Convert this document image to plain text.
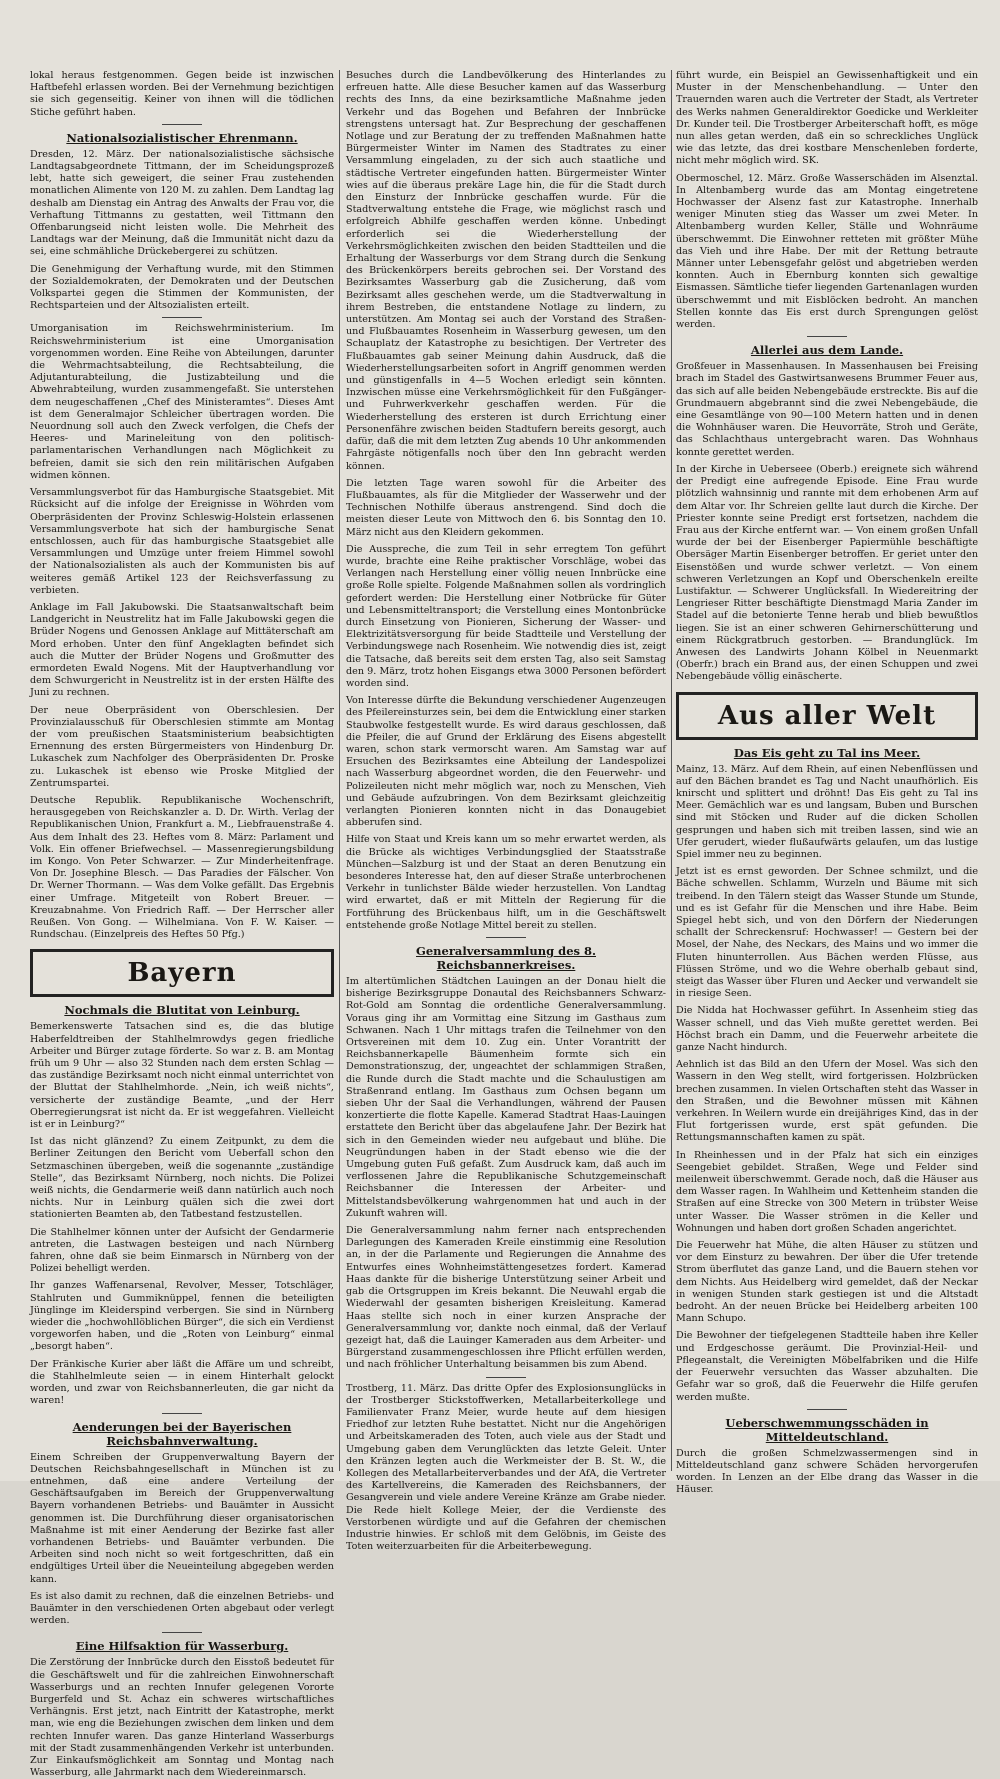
lokal heraus festgenommen. Gegen beide ist inzwischen Haftbefehl erlassen worden. Bei der Vernehmung bezichtigen sie sich gegenseitig. Keiner von ihnen will die tödlichen Stiche geführt haben.

Nationalsozialistischer Ehrenmann.

Dresden, 12. März. Der nationalsozialistische sächsische Landtagsabgeordnete Tittmann, der im Scheidungsprozeß lebt, hatte sich geweigert, die seiner Frau zustehenden monatlichen Alimente von 120 M. zu zahlen. Dem Landtag lag deshalb am Dienstag ein Antrag des Anwalts der Frau vor, die Verhaftung Tittmanns zu gestatten, weil Tittmann den Offenbarungseid nicht leisten wolle. Die Mehrheit des Landtags war der Meinung, daß die Immunität nicht dazu da sei, eine schmähliche Drückebergerei zu schützen.

Die Genehmigung der Verhaftung wurde, mit den Stimmen der Sozialdemokraten, der Demokraten und der Deutschen Volkspartei gegen die Stimmen der Kommunisten, der Rechtsparteien und der Altsozialisten erteilt.

Umorganisation im Reichswehrministerium. Im Reichswehrministerium ist eine Umorganisation vorgenommen worden. Eine Reihe von Abteilungen, darunter die Wehrmachtsabteilung, die Rechtsabteilung, die Adjutanturabteilung, die Justizabteilung und die Abwehrabteilung, wurden zusammengefaßt. Sie unterstehen dem neugeschaffenen „Chef des Ministeramtes“. Dieses Amt ist dem Generalmajor Schleicher übertragen worden. Die Neuordnung soll auch den Zweck verfolgen, die Chefs der Heeres- und Marineleitung von den politisch-parlamentarischen Verhandlungen nach Möglichkeit zu befreien, damit sie sich den rein militärischen Aufgaben widmen können.

Versammlungsverbot für das Hamburgische Staatsgebiet. Mit Rücksicht auf die infolge der Ereignisse in Wöhrden vom Oberpräsidenten der Provinz Schleswig-Holstein erlassenen Versammlungsverbote hat sich der hamburgische Senat entschlossen, auch für das hamburgische Staatsgebiet alle Versammlungen und Umzüge unter freiem Himmel sowohl der Nationalsozialisten als auch der Kommunisten bis auf weiteres gemäß Artikel 123 der Reichsverfassung zu verbieten.

Anklage im Fall Jakubowski. Die Staatsanwaltschaft beim Landgericht in Neustrelitz hat im Falle Jakubowski gegen die Brüder Nogens und Genossen Anklage auf Mittäterschaft am Mord erhoben. Unter den fünf Angeklagten befindet sich auch die Mutter der Brüder Nogens und Großmutter des ermordeten Ewald Nogens. Mit der Hauptverhandlung vor dem Schwurgericht in Neustrelitz ist in der ersten Hälfte des Juni zu rechnen.

Der neue Oberpräsident von Oberschlesien. Der Provinzialausschuß für Oberschlesien stimmte am Montag der vom preußischen Staatsministerium beabsichtigten Ernennung des ersten Bürgermeisters von Hindenburg Dr. Lukaschek zum Nachfolger des Oberpräsidenten Dr. Proske zu. Lukaschek ist ebenso wie Proske Mitglied der Zentrumspartei.

Deutsche Republik. Republikanische Wochenschrift, herausgegeben von Reichskanzler a. D. Dr. Wirth. Verlag der Republikanischen Union, Frankfurt a. M., Liebfrauenstraße 4. Aus dem Inhalt des 23. Heftes vom 8. März: Parlament und Volk. Ein offener Briefwechsel. — Massenregierungsbildung im Kongo. Von Peter Schwarzer. — Zur Minderheitenfrage. Von Dr. Josephine Blesch. — Das Paradies der Fälscher. Von Dr. Werner Thormann. — Was dem Volke gefällt. Das Ergebnis einer Umfrage. Mitgeteilt von Robert Breuer. — Kreuzabnahme. Von Friedrich Raff. — Der Herrscher aller Reußen. Von Gong. — Wilhelmiana. Von F. W. Kaiser. — Rundschau. (Einzelpreis des Heftes 50 Pfg.)

Bayern
Nochmals die Blutitat von Leinburg.

Bemerkenswerte Tatsachen sind es, die das blutige Haberfeldtreiben der Stahlhelmrowdys gegen friedliche Arbeiter und Bürger zutage förderte. So war z. B. am Montag früh um 9 Uhr — also 32 Stunden nach dem ersten Schlag — das zuständige Bezirksamt noch nicht einmal unterrichtet von der Bluttat der Stahlhelmhorde. „Nein, ich weiß nichts“, versicherte der zuständige Beamte, „und der Herr Oberregierungsrat ist nicht da. Er ist weggefahren. Vielleicht ist er in Leinburg?“

Ist das nicht glänzend? Zu einem Zeitpunkt, zu dem die Berliner Zeitungen den Bericht vom Ueberfall schon den Setzmaschinen übergeben, weiß die sogenannte „zuständige Stelle“, das Bezirksamt Nürnberg, noch nichts. Die Polizei weiß nichts, die Gendarmerie weiß dann natürlich auch noch nichts. Nur in Leinburg quälen sich die zwei dort stationierten Beamten ab, den Tatbestand festzustellen.

Die Stahlhelmer können unter der Aufsicht der Gendarmerie antreten, die Lastwagen besteigen und nach Nürnberg fahren, ohne daß sie beim Einmarsch in Nürnberg von der Polizei behelligt werden.

Ihr ganzes Waffenarsenal, Revolver, Messer, Totschläger, Stahlruten und Gummiknüppel, fennen die beteiligten Jünglinge im Kleiderspind verbergen. Sie sind in Nürnberg wieder die „hochwohllöblichen Bürger“, die sich ein Verdienst vorgeworfen haben, und die „Roten von Leinburg“ einmal „besorgt haben“.

Der Fränkische Kurier aber läßt die Affäre um und schreibt, die Stahlhelmleute seien — in einem Hinterhalt gelockt worden, und zwar von Reichsbannerleuten, die gar nicht da waren!

Aenderungen bei der Bayerischen Reichsbahnverwaltung.

Einem Schreiben der Gruppenverwaltung Bayern der Deutschen Reichsbahngesellschaft in München ist zu entnehmen, daß eine andere Verteilung der Geschäftsaufgaben im Bereich der Gruppenverwaltung Bayern vorhandenen Betriebs- und Bauämter in Aussicht genommen ist. Die Durchführung dieser organisatorischen Maßnahme ist mit einer Aenderung der Bezirke fast aller vorhandenen Betriebs- und Bauämter verbunden. Die Arbeiten sind noch nicht so weit fortgeschritten, daß ein endgültiges Urteil über die Neueinteilung abgegeben werden kann.

Es ist also damit zu rechnen, daß die einzelnen Betriebs- und Bauämter in den verschiedenen Orten abgebaut oder verlegt werden.

Eine Hilfsaktion für Wasserburg.

Die Zerstörung der Innbrücke durch den Eisstoß bedeutet für die Geschäftswelt und für die zahlreichen Einwohnerschaft Wasserburgs und an rechten Innufer gelegenen Vororte Burgerfeld und St. Achaz ein schweres wirtschaftliches Verhängnis. Erst jetzt, nach Eintritt der Katastrophe, merkt man, wie eng die Beziehungen zwischen dem linken und dem rechten Innufer waren. Das ganze Hinterland Wasserburgs mit der Stadt zusammenhängenden Verkehr ist unterbunden. Zur Einkaufsmöglichkeit am Sonntag und Montag nach Wasserburg, alle Jahrmarkt nach dem Wiedereinmarsch.

Besuches durch die Landbevölkerung des Hinterlandes zu erfreuen hatte. Alle diese Besucher kamen auf das Wasserburg rechts des Inns, da eine bezirksamtliche Maßnahme jeden Verkehr und das Bogehen und Befahren der Innbrücke strengstens untersagt hat. Zur Besprechung der geschaffenen Notlage und zur Beratung der zu treffenden Maßnahmen hatte Bürgermeister Winter im Namen des Stadtrates zu einer Versammlung eingeladen, zu der sich auch staatliche und städtische Vertreter eingefunden hatten. Bürgermeister Winter wies auf die überaus prekäre Lage hin, die für die Stadt durch den Einsturz der Innbrücke geschaffen wurde. Für die Stadtverwaltung entstehe die Frage, wie möglichst rasch und erfolgreich Abhilfe geschaffen werden könne. Unbedingt erforderlich sei die Wiederherstellung der Verkehrsmöglichkeiten zwischen den beiden Stadtteilen und die Erhaltung der Wasserburgs vor dem Strang durch die Senkung des Brückenkörpers bereits gebrochen sei. Der Vorstand des Bezirksamtes Wasserburg gab die Zusicherung, daß vom Bezirksamt alles geschehen werde, um die Stadtverwaltung in ihrem Bestreben, die entstandene Notlage zu lindern, zu unterstützen. Am Montag sei auch der Vorstand des Straßen- und Flußbauamtes Rosenheim in Wasserburg gewesen, um den Schauplatz der Katastrophe zu besichtigen. Der Vertreter des Flußbauamtes gab seiner Meinung dahin Ausdruck, daß die Wiederherstellungsarbeiten sofort in Angriff genommen werden und günstigenfalls in 4—5 Wochen erledigt sein könnten. Inzwischen müsse eine Verkehrsmöglichkeit für den Fußgänger- und Fuhrwerkverkehr geschaffen werden. Für die Wiederherstellung des ersteren ist durch Errichtung einer Personenfähre zwischen beiden Stadtufern bereits gesorgt, auch dafür, daß die mit dem letzten Zug abends 10 Uhr ankommenden Fahrgäste nötigenfalls noch über den Inn gebracht werden können.

Die letzten Tage waren sowohl für die Arbeiter des Flußbauamtes, als für die Mitglieder der Wasserwehr und der Technischen Nothilfe überaus anstrengend. Sind doch die meisten dieser Leute von Mittwoch den 6. bis Sonntag den 10. März nicht aus den Kleidern gekommen.

Die Ausspreche, die zum Teil in sehr erregtem Ton geführt wurde, brachte eine Reihe praktischer Vorschläge, wobei das Verlangen nach Herstellung einer völlig neuen Innbrücke eine große Rolle spielte. Folgende Maßnahmen sollen als vordringlich gefordert werden: Die Herstellung einer Notbrücke für Güter und Lebensmitteltransport; die Verstellung eines Montonbrücke durch Einsetzung von Pionieren, Sicherung der Wasser- und Elektrizitätsversorgung für beide Stadtteile und Verstellung der Verbindungswege nach Rosenheim. Wie notwendig dies ist, zeigt die Tatsache, daß bereits seit dem ersten Tag, also seit Samstag den 9. März, trotz hohen Eisgangs etwa 3000 Personen befördert worden sind.

Von Interesse dürfte die Bekundung verschiedener Augenzeugen des Pfeilereinsturzes sein, bei dem die Entwicklung einer starken Staubwolke festgestellt wurde. Es wird daraus geschlossen, daß die Pfeiler, die auf Grund der Erklärung des Eisens abgestellt waren, schon stark vermorscht waren. Am Samstag war auf Ersuchen des Bezirksamtes eine Abteilung der Landespolizei nach Wasserburg abgeordnet worden, die den Feuerwehr- und Polizeileuten nicht mehr möglich war, noch zu Menschen, Vieh und Gebäude aufzubringen. Von dem Bezirksamt gleichzeitig verlangten Pionieren konnten nicht in das Donaugebiet abberufen sind.

Hilfe von Staat und Kreis kann um so mehr erwartet werden, als die Brücke als wichtiges Verbindungsglied der Staatsstraße München—Salzburg ist und der Staat an deren Benutzung ein besonderes Interesse hat, den auf dieser Straße unterbrochenen Verkehr in tunlichster Bälde wieder herzustellen. Von Landtag wird erwartet, daß er mit Mitteln der Regierung für die Fortführung des Brückenbaus hilft, um in die Geschäftswelt entstehende große Notlage Mittel bereit zu stellen.

Generalversammlung des 8. Reichsbannerkreises.

Im altertümlichen Städtchen Lauingen an der Donau hielt die bisherige Bezirksgruppe Donautal des Reichsbanners Schwarz-Rot-Gold am Sonntag die ordentliche Generalversammlung. Voraus ging ihr am Vormittag eine Sitzung im Gasthaus zum Schwanen. Nach 1 Uhr mittags trafen die Teilnehmer von den Ortsvereinen mit dem 10. Zug ein. Unter Vorantritt der Reichsbannerkapelle Bäumenheim formte sich ein Demonstrationszug, der, ungeachtet der schlammigen Straßen, die Runde durch die Stadt machte und die Schaulustigen am Straßenrand entlang. Im Gasthaus zum Ochsen begann um sieben Uhr der Saal die Verhandlungen, während der Pausen konzertierte die flotte Kapelle. Kamerad Stadtrat Haas-Lauingen erstattete den Bericht über das abgelaufene Jahr. Der Bezirk hat sich in den Gemeinden wieder neu aufgebaut und blühe. Die Neugründungen haben in der Stadt ebenso wie die der Umgebung guten Fuß gefaßt. Zum Ausdruck kam, daß auch im verflossenen Jahre die Republikanische Schutzgemeinschaft Reichsbanner die Interessen der Arbeiter- und Mittelstandsbevölkerung wahrgenommen hat und auch in der Zukunft wahren will.

Die Generalversammlung nahm ferner nach entsprechenden Darlegungen des Kameraden Kreile einstimmig eine Resolution an, in der die Parlamente und Regierungen die Annahme des Entwurfes eines Wohnheimstättengesetzes fordert. Kamerad Haas dankte für die bisherige Unterstützung seiner Arbeit und gab die Ortsgruppen im Kreis bekannt. Die Neuwahl ergab die Wiederwahl der gesamten bisherigen Kreisleitung. Kamerad Haas stellte sich noch in einer kurzen Ansprache der Generalversammlung vor, dankte noch einmal, daß der Verlauf gezeigt hat, daß die Lauinger Kameraden aus dem Arbeiter- und Bürgerstand zusammengeschlossen ihre Pflicht erfüllen werden, und nach fröhlicher Unterhaltung beisammen bis zum Abend.

Trostberg, 11. März. Das dritte Opfer des Explosionsunglücks in der Trostberger Stickstoffwerken, Metallarbeiterkollege und Familienvater Franz Meier, wurde heute auf dem hiesigen Friedhof zur letzten Ruhe bestattet. Nicht nur die Angehörigen und Arbeitskameraden des Toten, auch viele aus der Stadt und Umgebung gaben dem Verunglückten das letzte Geleit. Unter den Kränzen legten auch die Werkmeister der B. St. W., die Kollegen des Metallarbeiterverbandes und der AfA, die Vertreter des Kartellvereins, die Kameraden des Reichsbanners, der Gesangverein und viele andere Vereine Kränze am Grabe nieder. Die Rede hielt Kollege Meier, der die Verdienste des Verstorbenen würdigte und auf die Gefahren der chemischen Industrie hinwies. Er schloß mit dem Gelöbnis, im Geiste des Toten weiterzuarbeiten für die Arbeiterbewegung.

führt wurde, ein Beispiel an Gewissenhaftigkeit und ein Muster in der Menschenbehandlung. — Unter den Trauernden waren auch die Vertreter der Stadt, als Vertreter des Werks nahmen Generaldirektor Goedicke und Werkleiter Dr. Kunder teil. Die Trostberger Arbeiterschaft hofft, es möge nun alles getan werden, daß ein so schreckliches Unglück wie das letzte, das drei kostbare Menschenleben forderte, nicht mehr möglich wird. SK.

Obermoschel, 12. März. Große Wasserschäden im Alsenztal. In Altenbamberg wurde das am Montag eingetretene Hochwasser der Alsenz fast zur Katastrophe. Innerhalb weniger Minuten stieg das Wasser um zwei Meter. In Altenbamberg wurden Keller, Ställe und Wohnräume überschwemmt. Die Einwohner retteten mit größter Mühe das Vieh und ihre Habe. Der mit der Rettung betraute Männer unter Lebensgefahr gelöst und abgetrieben werden konnten. Auch in Ebernburg konnten sich gewaltige Eismassen. Sämtliche tiefer liegenden Gartenanlagen wurden überschwemmt und mit Eisblöcken bedroht. An manchen Stellen konnte das Eis erst durch Sprengungen gelöst werden.

Allerlei aus dem Lande.

Großfeuer in Massenhausen. In Massenhausen bei Freising brach im Stadel des Gastwirtsanwesens Brummer Feuer aus, das sich auf alle beiden Nebengebäude erstreckte. Bis auf die Grundmauern abgebrannt sind die zwei Nebengebäude, die eine Gesamtlänge von 90—100 Metern hatten und in denen die Wohnhäuser waren. Die Heuvorräte, Stroh und Geräte, das Schlachthaus untergebracht waren. Das Wohnhaus konnte gerettet werden.

In der Kirche in Ueberseee (Oberb.) ereignete sich während der Predigt eine aufregende Episode. Eine Frau wurde plötzlich wahnsinnig und rannte mit dem erhobenen Arm auf dem Altar vor. Ihr Schreien gellte laut durch die Kirche. Der Priester konnte seine Predigt erst fortsetzen, nachdem die Frau aus der Kirche entfernt war. — Von einem großen Unfall wurde der bei der Eisenberger Papiermühle beschäftigte Obersäger Martin Eisenberger betroffen. Er geriet unter den Eisenstößen und wurde schwer verletzt. — Von einem schweren Verletzungen an Kopf und Oberschenkeln ereilte Lustifaktur. — Schwerer Unglücksfall. In Wiedereitring der Lengrieser Ritter beschäftigte Dienstmagd Maria Zander im Stadel auf die betonierte Tenne herab und blieb bewußtlos liegen. Sie ist an einer schweren Gehirnerschütterung und einem Rückgratbruch gestorben. — Brandunglück. Im Anwesen des Landwirts Johann Kölbel in Neuenmarkt (Oberfr.) brach ein Brand aus, der einen Schuppen und zwei Nebengebäude völlig einäscherte.

Aus aller Welt
Das Eis geht zu Tal ins Meer.

Mainz, 13. März. Auf dem Rhein, auf einen Nebenflüssen und auf den Bächen brandet es Tag und Nacht unaufhörlich. Eis knirscht und splittert und dröhnt! Das Eis geht zu Tal ins Meer. Gemächlich war es und langsam, Buben und Burschen sind mit Stöcken und Ruder auf die dicken Schollen gesprungen und haben sich mit treiben lassen, sind wie an Ufer gerudert, wieder flußaufwärts gelaufen, um das lustige Spiel immer neu zu beginnen.

Jetzt ist es ernst geworden. Der Schnee schmilzt, und die Bäche schwellen. Schlamm, Wurzeln und Bäume mit sich treibend. In den Tälern steigt das Wasser Stunde um Stunde, und es ist Gefahr für die Menschen und ihre Habe. Beim Spiegel hebt sich, und von den Dörfern der Niederungen schallt der Schreckensruf: Hochwasser! — Gestern bei der Mosel, der Nahe, des Neckars, des Mains und wo immer die Fluten hinunterrollen. Aus Bächen werden Flüsse, aus Flüssen Ströme, und wo die Wehre oberhalb gebaut sind, steigt das Wasser über Fluren und Aecker und verwandelt sie in riesige Seen.

Die Nidda hat Hochwasser geführt. In Assenheim stieg das Wasser schnell, und das Vieh mußte gerettet werden. Bei Höchst brach ein Damm, und die Feuerwehr arbeitete die ganze Nacht hindurch.

Aehnlich ist das Bild an den Ufern der Mosel. Was sich den Wassern in den Weg stellt, wird fortgerissen. Holzbrücken brechen zusammen. In vielen Ortschaften steht das Wasser in den Straßen, und die Bewohner müssen mit Kähnen verkehren. In Weilern wurde ein dreijähriges Kind, das in der Flut fortgerissen wurde, erst spät gefunden. Die Rettungsmannschaften kamen zu spät.

In Rheinhessen und in der Pfalz hat sich ein einziges Seengebiet gebildet. Straßen, Wege und Felder sind meilenweit überschwemmt. Gerade noch, daß die Häuser aus dem Wasser ragen. In Wahlheim und Kettenheim standen die Straßen auf eine Strecke von 300 Metern in trübster Weise unter Wasser. Die Wasser strömen in die Keller und Wohnungen und haben dort großen Schaden angerichtet.

Die Feuerwehr hat Mühe, die alten Häuser zu stützen und vor dem Einsturz zu bewahren. Der über die Ufer tretende Strom überflutet das ganze Land, und die Bauern stehen vor dem Nichts. Aus Heidelberg wird gemeldet, daß der Neckar in wenigen Stunden stark gestiegen ist und die Altstadt bedroht. An der neuen Brücke bei Heidelberg arbeiten 100 Mann Schupo.

Die Bewohner der tiefgelegenen Stadtteile haben ihre Keller und Erdgeschosse geräumt. Die Provinzial-Heil- und Pflegeanstalt, die Vereinigten Möbelfabriken und die Hilfe der Feuerwehr versuchten das Wasser abzuhalten. Die Gefahr war so groß, daß die Feuerwehr die Hilfe gerufen werden mußte.

Ueberschwemmungsschäden in Mitteldeutschland.

Durch die großen Schmelzwassermengen sind in Mitteldeutschland ganz schwere Schäden hervorgerufen worden. In Lenzen an der Elbe drang das Wasser in die Häuser.
